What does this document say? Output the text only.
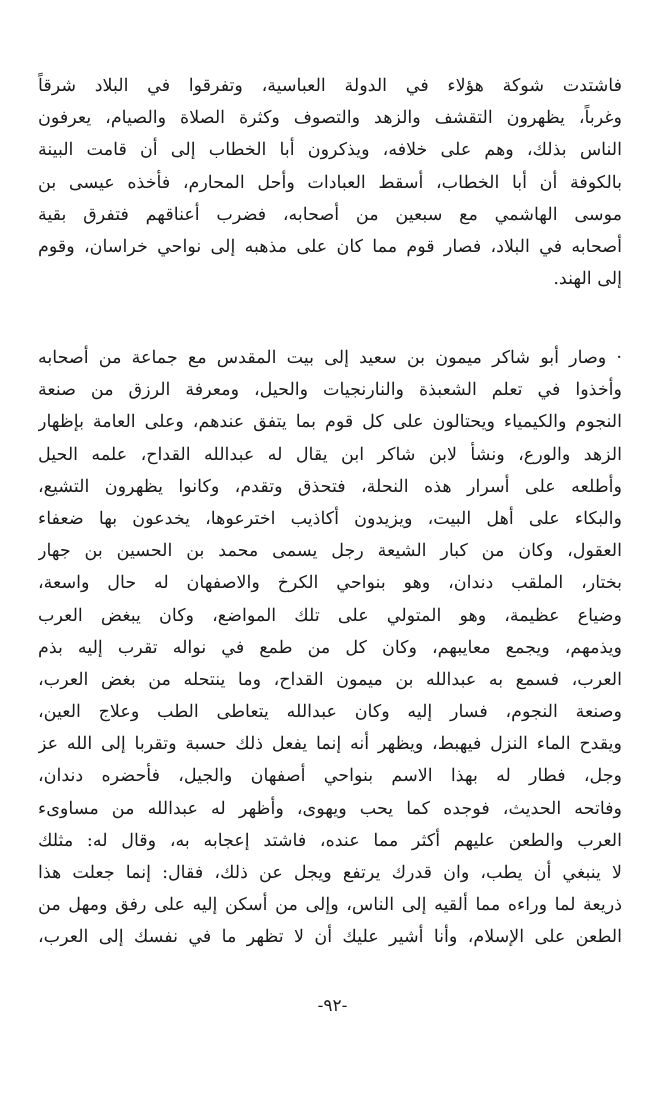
فاشتدت شوكة هؤلاء في الدولة العباسية، وتفرقوا في البلاد شرقاً
وغرباً، يظهرون التقشف والزهد والتصوف وكثرة الصلاة والصيام، يعرفون
الناس بذلك، وهم على خلافه، ويذكرون أبا الخطاب إلى أن قامت البينة
بالكوفة أن أبا الخطاب، أسقط العبادات وأحل المحارم، فأخذه عيسى بن
موسى الهاشمي مع سبعين من أصحابه، فضرب أعناقهم فتفرق بقية
أصحابه في البلاد، فصار قوم مما كان على مذهبه إلى نواحي خراسان، وقوم
إلى الهند.
· وصار أبو شاكر ميمون بن سعيد إلى بيت المقدس مع جماعة من أصحابه
وأخذوا في تعلم الشعبذة والنارنجيات والحيل، ومعرفة الرزق من صنعة
النجوم والكيمياء ويحتالون على كل قوم بما يتفق عندهم، وعلى العامة بإظهار
الزهد والورع، ونشأ لابن شاكر ابن يقال له عبدالله القداح، علمه الحيل
وأطلعه على أسرار هذه النحلة، فتحذق وتقدم، وكانوا يظهرون التشيع،
والبكاء على أهل البيت، ويزيدون أكاذيب اخترعوها، يخدعون بها ضعفاء
العقول، وكان من كبار الشيعة رجل يسمى محمد بن الحسين بن جهار
بختار، الملقب دندان، وهو بنواحي الكرخ والاصفهان له حال واسعة،
وضياع عظيمة، وهو المتولي على تلك المواضع، وكان يبغض العرب
ويذمهم، ويجمع معايبهم، وكان كل من طمع في نواله تقرب إليه بذم
العرب، فسمع به عبدالله بن ميمون القداح، وما ينتحله من بغض العرب،
وصنعة النجوم، فسار إليه وكان عبدالله يتعاطى الطب وعلاج العين،
ويقدح الماء النزل فيهبط، ويظهر أنه إنما يفعل ذلك حسبة وتقربا إلى الله عز
وجل، فطار له بهذا الاسم بنواحي أصفهان والجيل، فأحضره دندان،
وفاتحه الحديث، فوجده كما يحب ويهوى، وأظهر له عبدالله من مساوىء
العرب والطعن عليهم أكثر مما عنده، فاشتد إعجابه به، وقال له: مثلك
لا ينبغي أن يطب، وان قدرك يرتفع ويجل عن ذلك، فقال: إنما جعلت هذا
ذريعة لما وراءه مما ألقيه إلى الناس، وإلى من أسكن إليه على رفق ومهل من
الطعن على الإسلام، وأنا أشير عليك أن لا تظهر ما في نفسك إلى العرب،
-٩٢-
